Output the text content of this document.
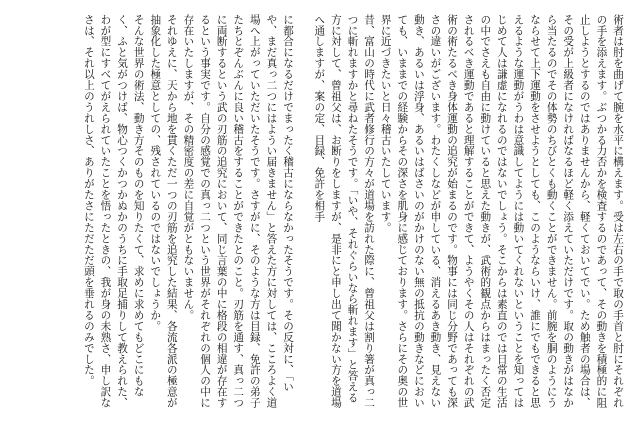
術者は肘を曲げて腕を水平に構えます。受は左右の手で取の手首と肘にそれぞれの手を添えます。ぶつかる力否かを検査するのであって、その動きを積極的に阻止しようとするのではありませんから、軽くておいてでい。ため触者の場合は、その受が上級者になければなるほど軽く添えていただけです。取の動きがはなから当たるのでその体勢のちびとくも動くことができません。前腕を胴のようにうならせて上下運動をさせようとしても、このようならいけ、誰にでもできると思えるような運動がうわは意識してようには動いてくれないということを知ってはじめて人は謙虚になれるのではないでしょう。そこからは素直のでは日常の生活の中でさえも自由に動けていると思えた動きが、武術的観点からはまったく否定されるべき運動であると理解することができて、ようやくその人はそれぞれの武術の術たるべき身体運動の追究が始まるのです。物事には同じ分野であっても深さの違いがございます。わたくしなどが申している、消えるあき動き、見えない動き、あるいは浮身、あるいはばさいのがかけのない無の抵抗の動きなどにおいても、いままでの経験からその深さを肌身に感じております。さらにその奥の世界に近づきたいと日々稽古いたしています。

昔、富山の時代に武者修行の方々が道場を訪れた際に、曾祖父は割り箸が真っ二つに斬れますかと尋ねたそうです。「いや、それぐらいなら斬れます」と答える方に対して、曾祖父は、お断りをしますが、是非にと申し出て聞かない方を道場へ通しますが、案の定、目録、免許を相手

に都合になるだけでまったく稽古にならなかったそうです。その反対に、「いや、まだ真っ二つにはようい届きません」と答えた方に対しては、こころよく道場へ上がっていただいたそうです。さすがに、そのような方は目録、免許の弟子たちとぞんぶんに良い稽古をすることができたとのこと。刃筋を通す、真っ二つに両断するという武の刃筋の追究において、同じ言葉の中に格段の相違が存在するという事実です。自分の感覚での真っ二つという世界がそれぞれの個人の中に存在いたしますが、その精密度の差に自覚がともないません。

それゆえに、天から地を貫くただ一つの刃筋を追究した結果、各流各派の極意が抽象化した極意としての、残されているのではないでしょうか。

そんな世界の術法、動き方そのものを知りたくて、求めに求めてもどこにもなく、ふと気がつけば、物心つくかつかぬかのうちに手取足捕りして教えられた、わが型にすべてがえられていたことを悟ったときの、我が身の未熟さ、申し訳なさは、それ以上のうれしさ、ありがたさにただただ頭を垂れるのみでした。
